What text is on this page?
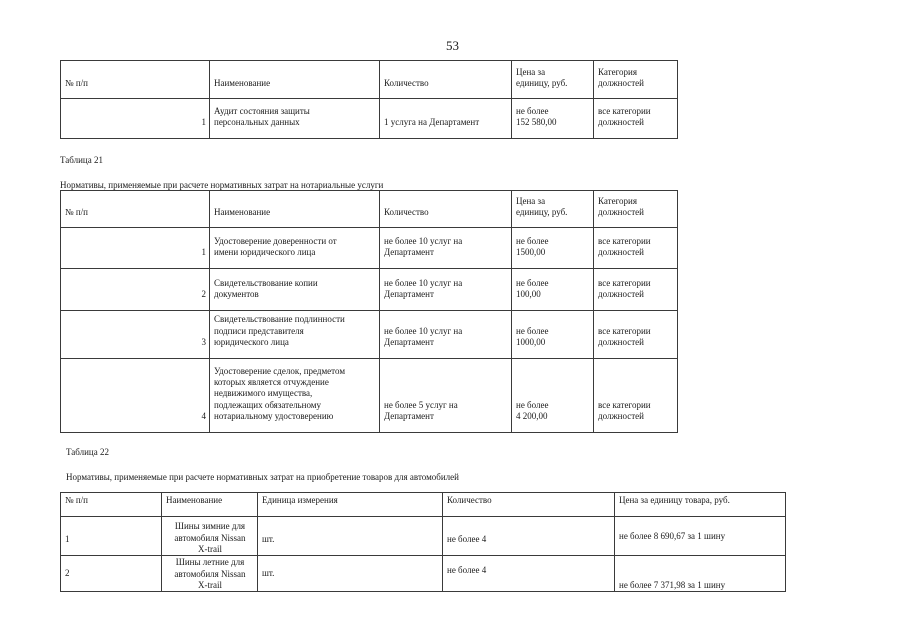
53
№ п/п	Наименование	Количество	Цена за
единицу, руб.	Категория
должностей

1	Аудит состояния защиты
персональных данных	1 услуга на Департамент	не более
152 580,00	все категории
должностей
Таблица 21
Нормативы, применяемые при расчете нормативных затрат на нотариальные услуги
№ п/п	Наименование	Количество	Цена за
единицу, руб.	Категория
должностей

1	Удостоверение доверенности от
имени юридического лица	не более 10 услуг на
Департамент	не более
1500,00	все категории
должностей

2	Свидетельствование копии
документов	не более 10 услуг на
Департамент	не более
100,00	все категории
должностей

3	Свидетельствование подлинности
подписи представителя
юридического лица	не более 10 услуг на
Департамент	не более
1000,00	все категории
должностей

4	Удостоверение сделок, предметом
которых является отчуждение
недвижимого имущества,
подлежащих обязательному
нотариальному удостоверению	не более 5 услуг на
Департамент	не более
4 200,00	все категории
должностей
Таблица 22
Нормативы, применяемые при расчете нормативных затрат на приобретение товаров для автомобилей
№ п/п	Наименование	Единица измерения	Количество	Цена за единицу товара, руб.
1	Шины зимние для
автомобиля Nissan
X-trail	шт.	не более 4	не более 8 690,67 за 1 шину
2	Шины летние для
автомобиля Nissan
X-trail	шт.	не более 4	не более 7 371,98 за 1 шину
